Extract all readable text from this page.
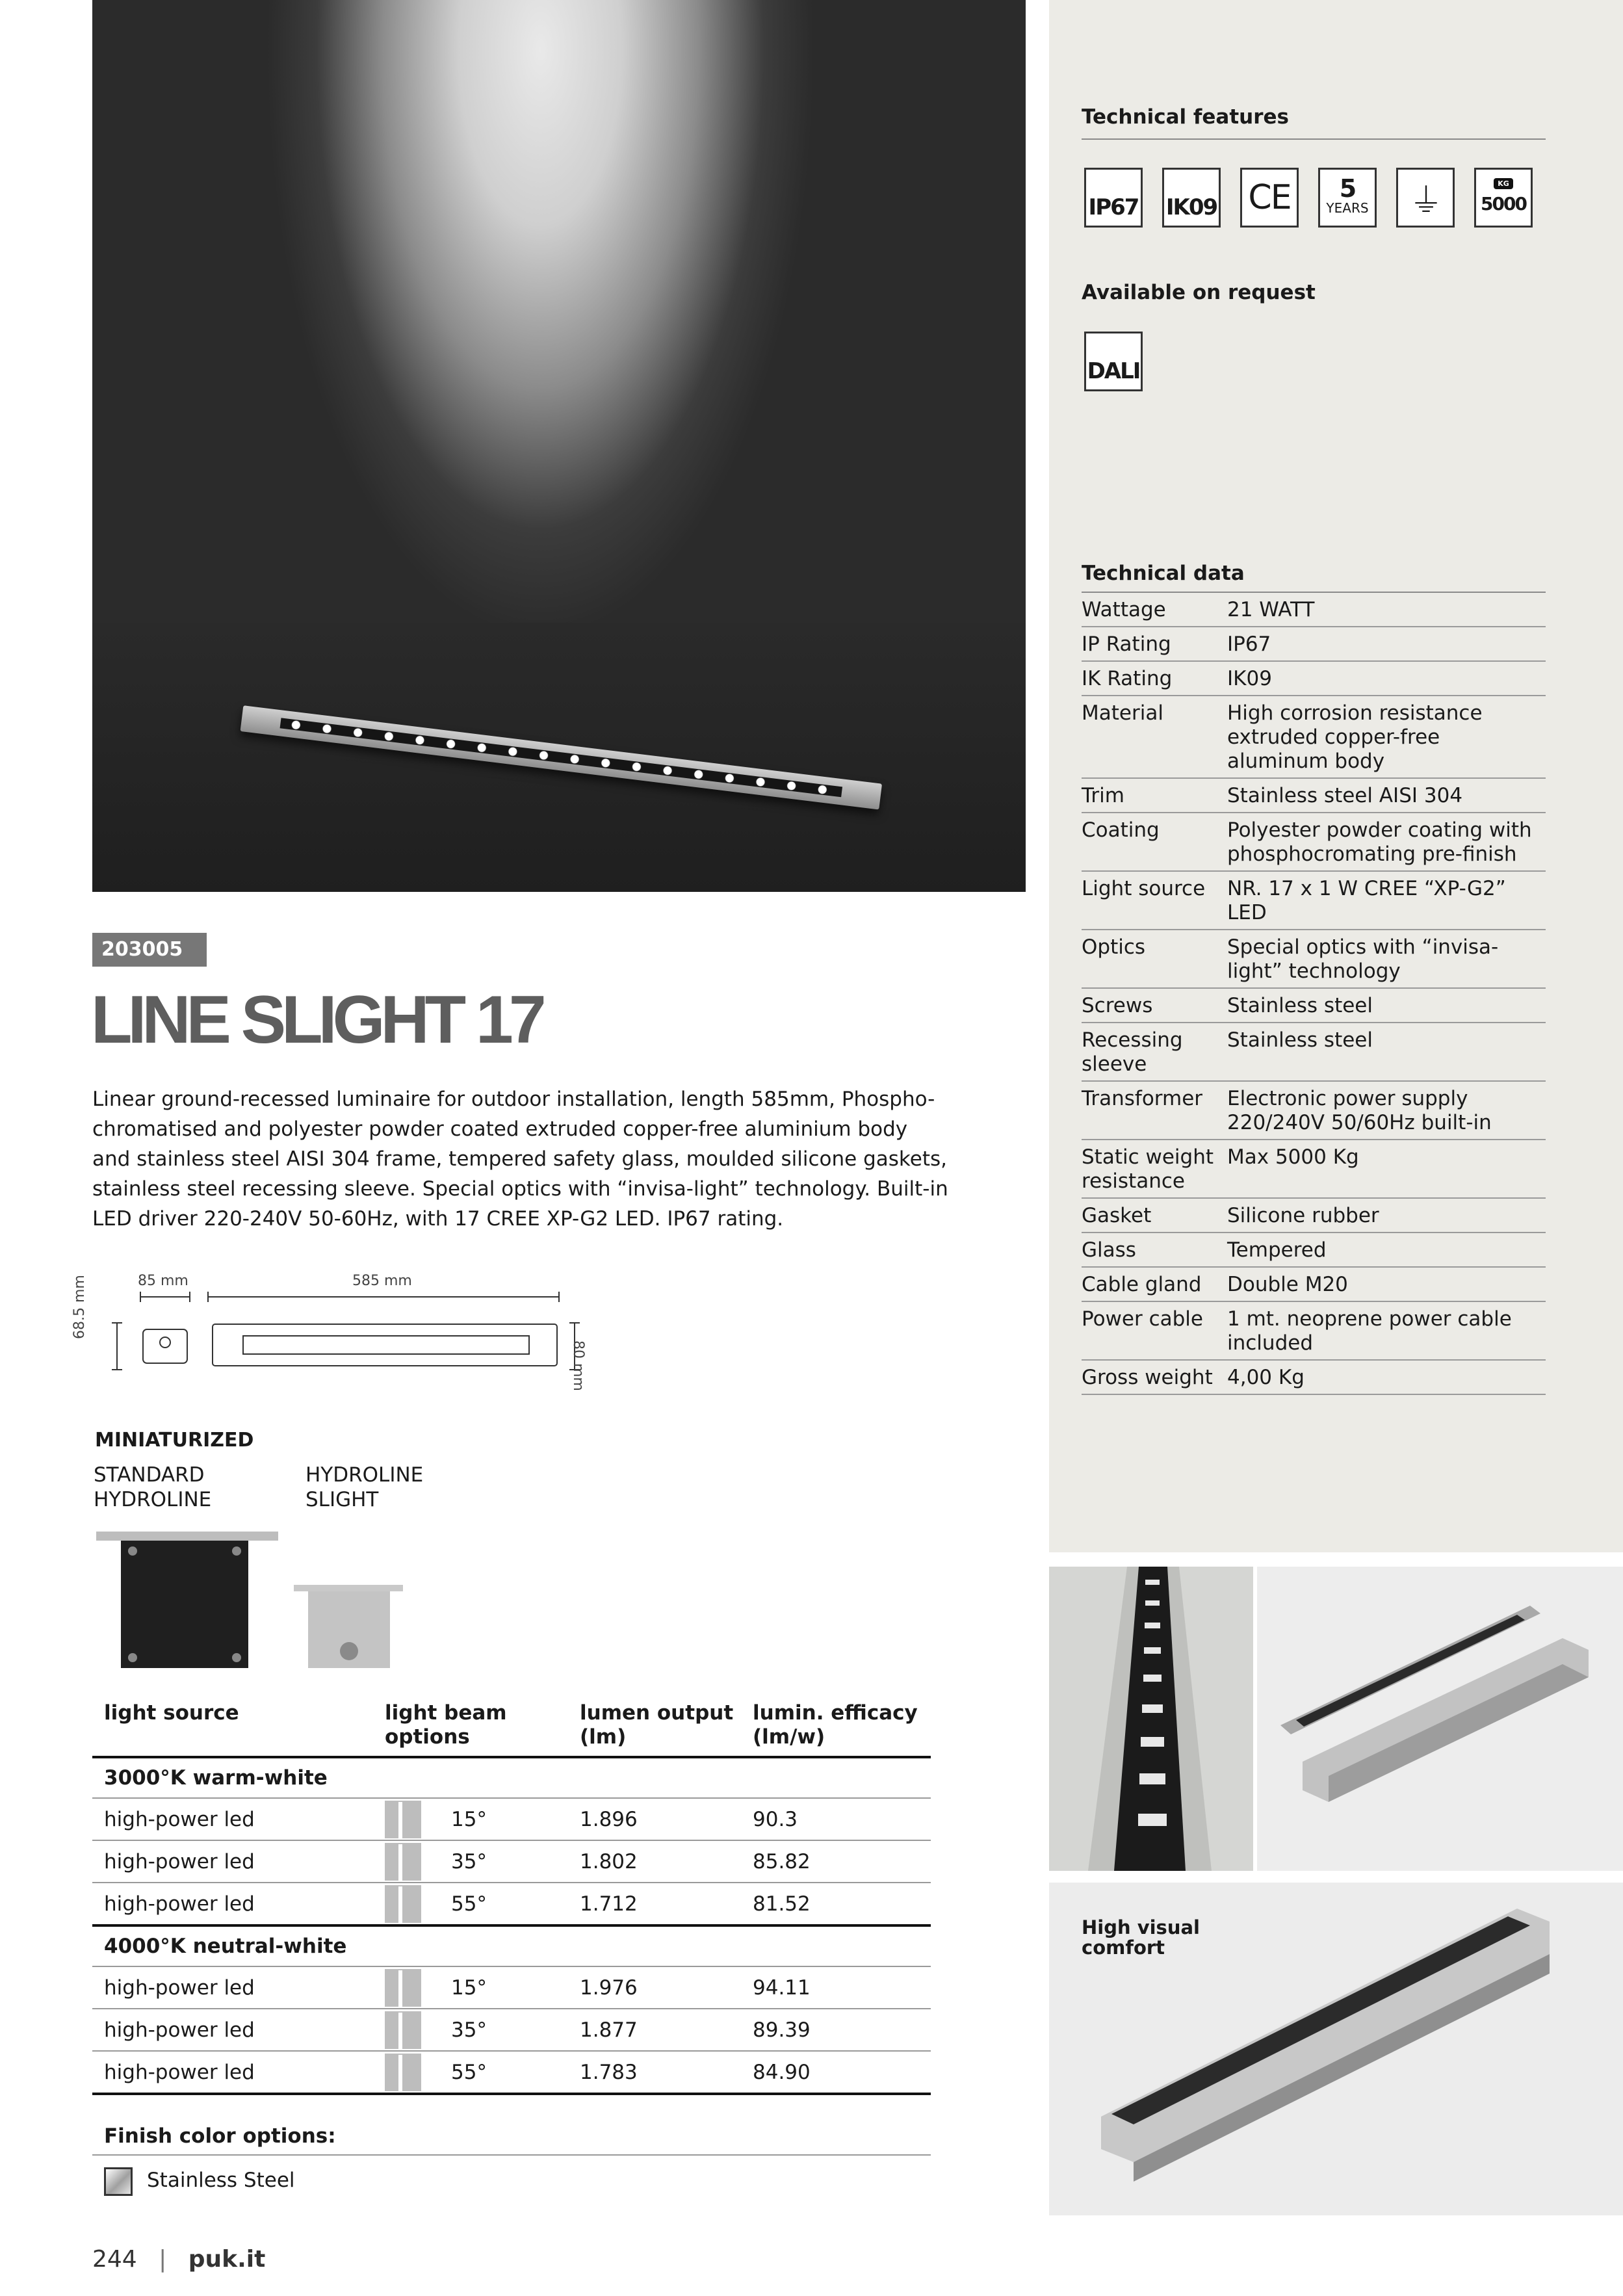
Technical features
IP67 IK09 CE 5
YEARS ⏚	KG
5000
Available on request
DALI
Technical data
Wattage	21 WATT
IP Rating	IP67
IK Rating	IK09
Material	High corrosion resistance extruded copper-free aluminum body
Trim	Stainless steel AISI 304
Coating	Polyester powder coating with phosphocromating pre-finish
Light source	NR. 17 x 1 W CREE “XP-G2” LED
Optics	Special optics with “invisa-light” technology
Screws	Stainless steel
Recessing sleeve	Stainless steel
Transformer	Electronic power supply 220/240V 50/60Hz built-in
Static weight resistance	Max 5000 Kg
Gasket	Silicone rubber
Glass	Tempered
Cable gland	Double M20
Power cable	1 mt. neoprene power cable included
Gross weight	4,00 Kg
High visual comfort
203005
LINE SLIGHT 17
Linear ground-recessed luminaire for outdoor installation, length 585mm, Phospho-chromatised and polyester powder coated extruded copper-free aluminium body and stainless steel AISI 304 frame, tempered safety glass, moulded silicone gaskets, stainless steel recessing sleeve. Special optics with “invisa-light” technology. Built-in LED driver 220-240V 50-60Hz, with 17 CREE XP-G2 LED. IP67 rating.
85 mm	585 mm
68.5 mm
80 mm
MINIATURIZED
STANDARD HYDROLINE
HYDROLINE SLIGHT
light source	light beam options	lumen output (lm)	lumin. efficacy (lm/w)
3000°K warm-white			
high-power led	15°	1.896	90.3
high-power led	35°	1.802	85.82
high-power led	55°	1.712	81.52
4000°K neutral-white			
high-power led	15°	1.976	94.11
high-power led	35°	1.877	89.39
high-power led	55°	1.783	84.90
Finish color options:
Stainless Steel
244 | puk.it
